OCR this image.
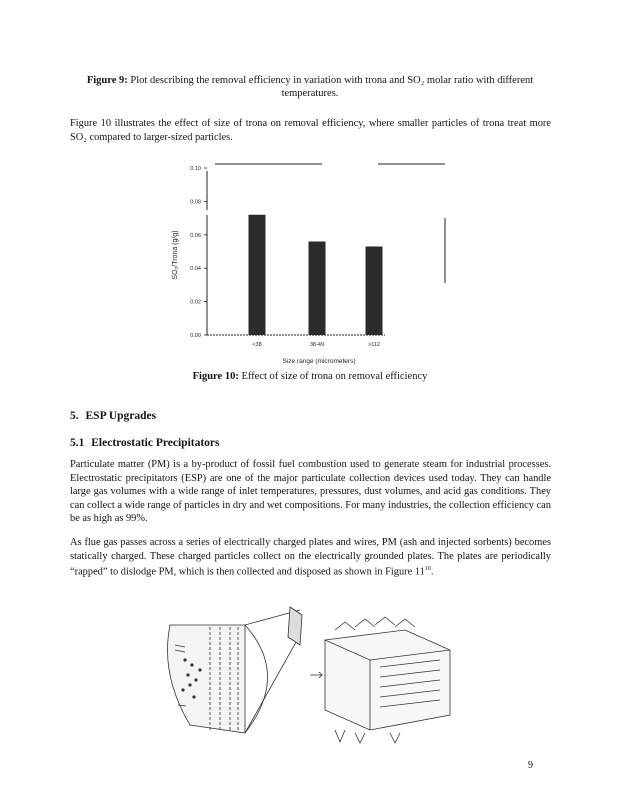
Figure 9: Plot describing the removal efficiency in variation with trona and SO₂ molar ratio with different temperatures.
Figure 10 illustrates the effect of size of trona on removal efficiency, where smaller particles of trona treat more SO₂ compared to larger-sized particles.
0.00
0.02
0.04
0.06
0.08
0.10
<38	38-49	>112
Size range (micrometers)
SO₂/Trona (g/g)
Figure 10: Effect of size of trona on removal efficiency
5. ESP Upgrades
5.1 Electrostatic Precipitators
Particulate matter (PM) is a by-product of fossil fuel combustion used to generate steam for industrial processes. Electrostatic precipitators (ESP) are one of the major particulate collection devices used today. They can handle large gas volumes with a wide range of inlet temperatures, pressures, dust volumes, and acid gas conditions. They can collect a wide range of particles in dry and wet compositions. For many industries, the collection efficiency can be as high as 99%.
As flue gas passes across a series of electrically charged plates and wires, PM (ash and injected sorbents) becomes statically charged. These charged particles collect on the electrically grounded plates. The plates are periodically “rapped” to dislodge PM, which is then collected and disposed as shown in Figure $11^{10}$.
9
